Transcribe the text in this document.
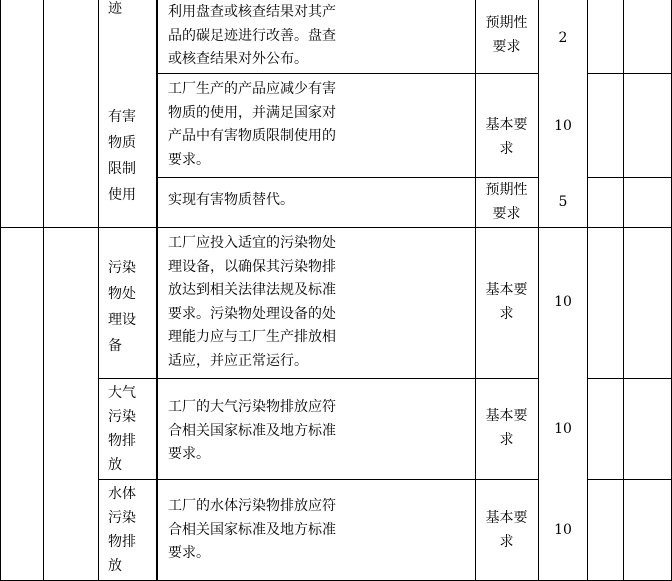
迹	利用盘查或核查结果对其产
品的碳足迹进行改善。盘查
或核查结果对外公布。
预期性
要求
2
有害
物质
限制
使用
工厂生产的产品应减少有害
物质的使用，并满足国家对
产品中有害物质限制使用的
要求。
基本要
求
10
实现有害物质替代。
预期性
要求
5
污染
物处
理设
备
工厂应投入适宜的污染物处
理设备，以确保其污染物排
放达到相关法律法规及标准
要求。污染物处理设备的处
理能力应与工厂生产排放相
适应，并应正常运行。
基本要
求
10
大气
污染
物排
放
工厂的大气污染物排放应符
合相关国家标准及地方标准
要求。
基本要
求
10
水体
污染
物排
放
工厂的水体污染物排放应符
合相关国家标准及地方标准
要求。
基本要
求
10
